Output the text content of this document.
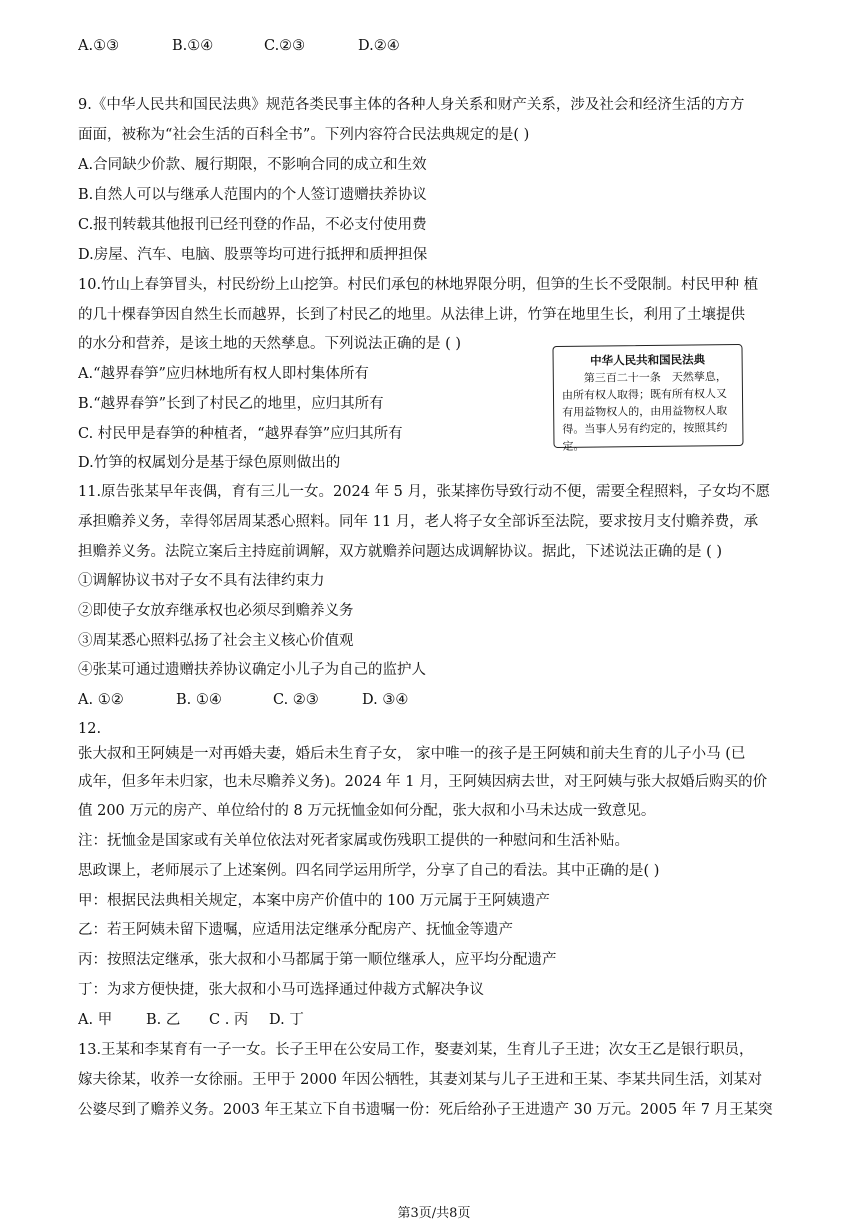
A.①③	B.①④	C.②③	D.②④
9.《中华人民共和国民法典》规范各类民事主体的各种人身关系和财产关系，涉及社会和经济生活的方方
面面，被称为“社会生活的百科全书”。下列内容符合民法典规定的是( )
A.合同缺少价款、履行期限，不影响合同的成立和生效
B.自然人可以与继承人范围内的个人签订遗赠扶养协议
C.报刊转载其他报刊已经刊登的作品，不必支付使用费
D.房屋、汽车、电脑、股票等均可进行抵押和质押担保
10.竹山上春笋冒头，村民纷纷上山挖笋。村民们承包的林地界限分明，但笋的生长不受限制。村民甲种 植
的几十棵春笋因自然生长而越界，长到了村民乙的地里。从法律上讲，竹笋在地里生长，利用了土壤提供
的水分和营养，是该土地的天然孳息。下列说法正确的是 ( )
A.“越界春笋”应归林地所有权人即村集体所有
B.“越界春笋”长到了村民乙的地里，应归其所有
C. 村民甲是春笋的种植者，“越界春笋”应归其所有
D.竹笋的权属划分是基于绿色原则做出的
中华人民共和国民法典
第三百二十一条　天然孳息，由所有权人取得；既有所有权人又有用益物权人的，由用益物权人取得。当事人另有约定的，按照其约定。
11.原告张某早年丧偶，育有三儿一女。2024 年 5 月，张某摔伤导致行动不便，需要全程照料，子女均不愿
承担赡养义务，幸得邻居周某悉心照料。同年 11 月，老人将子女全部诉至法院，要求按月支付赡养费，承
担赡养义务。法院立案后主持庭前调解，双方就赡养问题达成调解协议。据此，下述说法正确的是 ( )
①调解协议书对子女不具有法律约束力
②即使子女放弃继承权也必须尽到赡养义务
③周某悉心照料弘扬了社会主义核心价值观
④张某可通过遗赠扶养协议确定小儿子为自己的监护人
A. ①②	B. ①④	C. ②③	D. ③④
12.
张大叔和王阿姨是一对再婚夫妻，婚后未生育子女， 家中唯一的孩子是王阿姨和前夫生育的儿子小马 (已
成年，但多年未归家，也未尽赡养义务)。2024 年 1 月，王阿姨因病去世，对王阿姨与张大叔婚后购买的价
值 200 万元的房产、单位给付的 8 万元抚恤金如何分配，张大叔和小马未达成一致意见。
注：抚恤金是国家或有关单位依法对死者家属或伤残职工提供的一种慰问和生活补贴。
思政课上，老师展示了上述案例。四名同学运用所学，分享了自己的看法。其中正确的是( )
甲：根据民法典相关规定，本案中房产价值中的 100 万元属于王阿姨遗产
乙：若王阿姨未留下遗嘱，应适用法定继承分配房产、抚恤金等遗产
丙：按照法定继承，张大叔和小马都属于第一顺位继承人，应平均分配遗产
丁：为求方便快捷，张大叔和小马可选择通过仲裁方式解决争议
A. 甲	B. 乙	C . 丙	D. 丁
13.王某和李某育有一子一女。长子王甲在公安局工作，娶妻刘某，生育儿子王进；次女王乙是银行职员，
嫁夫徐某，收养一女徐丽。王甲于 2000 年因公牺牲，其妻刘某与儿子王进和王某、李某共同生活，刘某对
公婆尽到了赡养义务。2003 年王某立下自书遗嘱一份：死后给孙子王进遗产 30 万元。2005 年 7 月王某突
第3页/共8页
